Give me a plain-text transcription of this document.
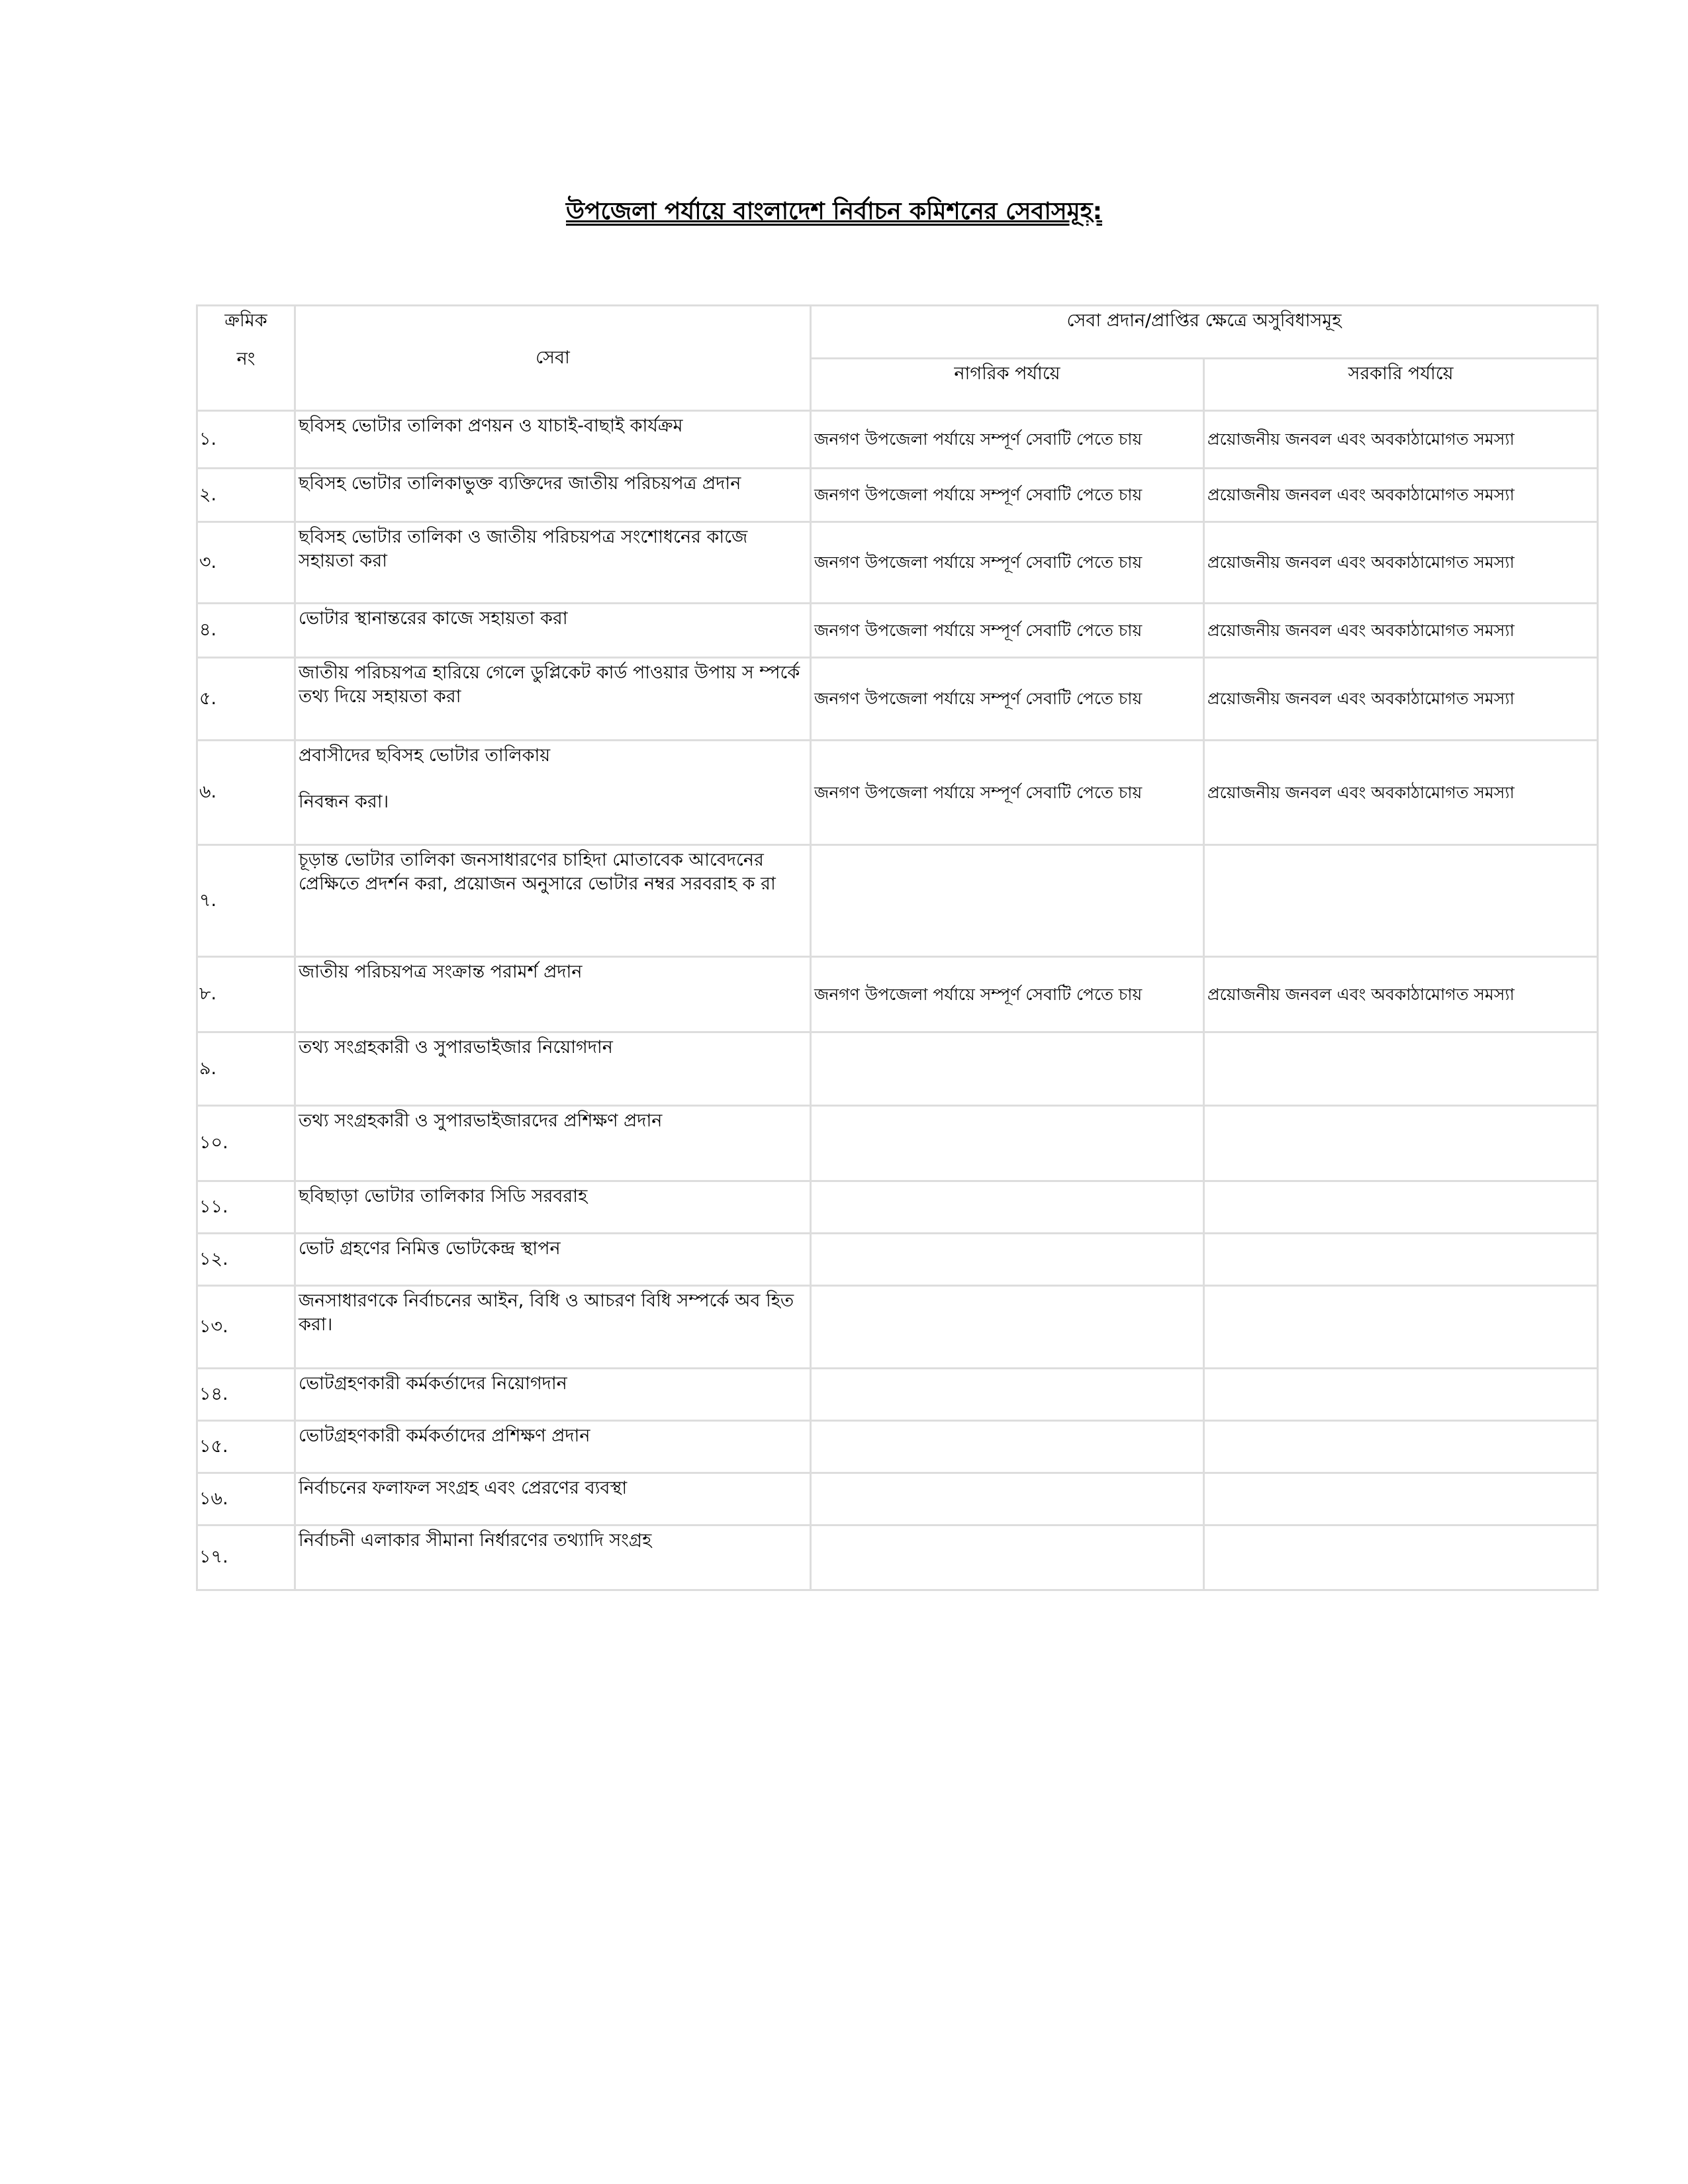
উপজেলা পর্যায়ে বাংলাদেশ নির্বাচন কমিশনের সেবাসমূহ:
ক্রমিক
নং	সেবা	সেবা প্রদান/প্রাপ্তির ক্ষেত্রে অসুবিধাসমূহ	
		নাগরিক পর্যায়ে	সরকারি পর্যায়ে
১.	ছবিসহ ভোটার তালিকা প্রণয়ন ও যাচাই-বাছাই কার্যক্রম	জনগণ উপজেলা পর্যায়ে সম্পূর্ণ সেবাটি পেতে চায়	প্রয়োজনীয় জনবল এবং অবকাঠামোগত সমস্যা
২.	ছবিসহ ভোটার তালিকাভুক্ত ব্যক্তিদের জাতীয় পরিচয়পত্র প্রদান	জনগণ উপজেলা পর্যায়ে সম্পূর্ণ সেবাটি পেতে চায়	প্রয়োজনীয় জনবল এবং অবকাঠামোগত সমস্যা
৩.	ছবিসহ ভোটার তালিকা ও জাতীয় পরিচয়পত্র সংশোধনের কাজে সহায়তা করা	জনগণ উপজেলা পর্যায়ে সম্পূর্ণ সেবাটি পেতে চায়	প্রয়োজনীয় জনবল এবং অবকাঠামোগত সমস্যা
৪.	ভোটার স্থানান্তরের কাজে সহায়তা করা	জনগণ উপজেলা পর্যায়ে সম্পূর্ণ সেবাটি পেতে চায়	প্রয়োজনীয় জনবল এবং অবকাঠামোগত সমস্যা
৫.	জাতীয় পরিচয়পত্র হারিয়ে গেলে ডুপ্লিকেট কার্ড পাওয়ার উপায় স ম্পর্কে তথ্য দিয়ে সহায়তা করা	জনগণ উপজেলা পর্যায়ে সম্পূর্ণ সেবাটি পেতে চায়	প্রয়োজনীয় জনবল এবং অবকাঠামোগত সমস্যা
৬.	প্রবাসীদের ছবিসহ ভোটার তালিকায়
নিবন্ধন করা।	জনগণ উপজেলা পর্যায়ে সম্পূর্ণ সেবাটি পেতে চায়	প্রয়োজনীয় জনবল এবং অবকাঠামোগত সমস্যা
৭.	চূড়ান্ত ভোটার তালিকা জনসাধারণের চাহিদা মোতাবেক আবেদনের প্রেক্ষিতে প্রদর্শন করা, প্রয়োজন অনুসারে ভোটার নম্বর সরবরাহ ক রা		
৮.	জাতীয় পরিচয়পত্র সংক্রান্ত পরামর্শ প্রদান	জনগণ উপজেলা পর্যায়ে সম্পূর্ণ সেবাটি পেতে চায়	প্রয়োজনীয় জনবল এবং অবকাঠামোগত সমস্যা
৯.	তথ্য সংগ্রহকারী ও সুপারভাইজার নিয়োগদান		
১০.	তথ্য সংগ্রহকারী ও সুপারভাইজারদের প্রশিক্ষণ প্রদান		
১১.	ছবিছাড়া ভোটার তালিকার সিডি সরবরাহ		
১২.	ভোট গ্রহণের নিমিত্ত ভোটকেন্দ্র স্থাপন		
১৩.	জনসাধারণকে নির্বাচনের আইন, বিধি ও আচরণ বিধি সম্পর্কে অব হিত করা।		
১৪.	ভোটগ্রহণকারী কর্মকর্তাদের নিয়োগদান		
১৫.	ভোটগ্রহণকারী কর্মকর্তাদের প্রশিক্ষণ প্রদান		
১৬.	নির্বাচনের ফলাফল সংগ্রহ এবং প্রেরণের ব্যবস্থা		
১৭.	নির্বাচনী এলাকার সীমানা নির্ধারণের তথ্যাদি সংগ্রহ		
